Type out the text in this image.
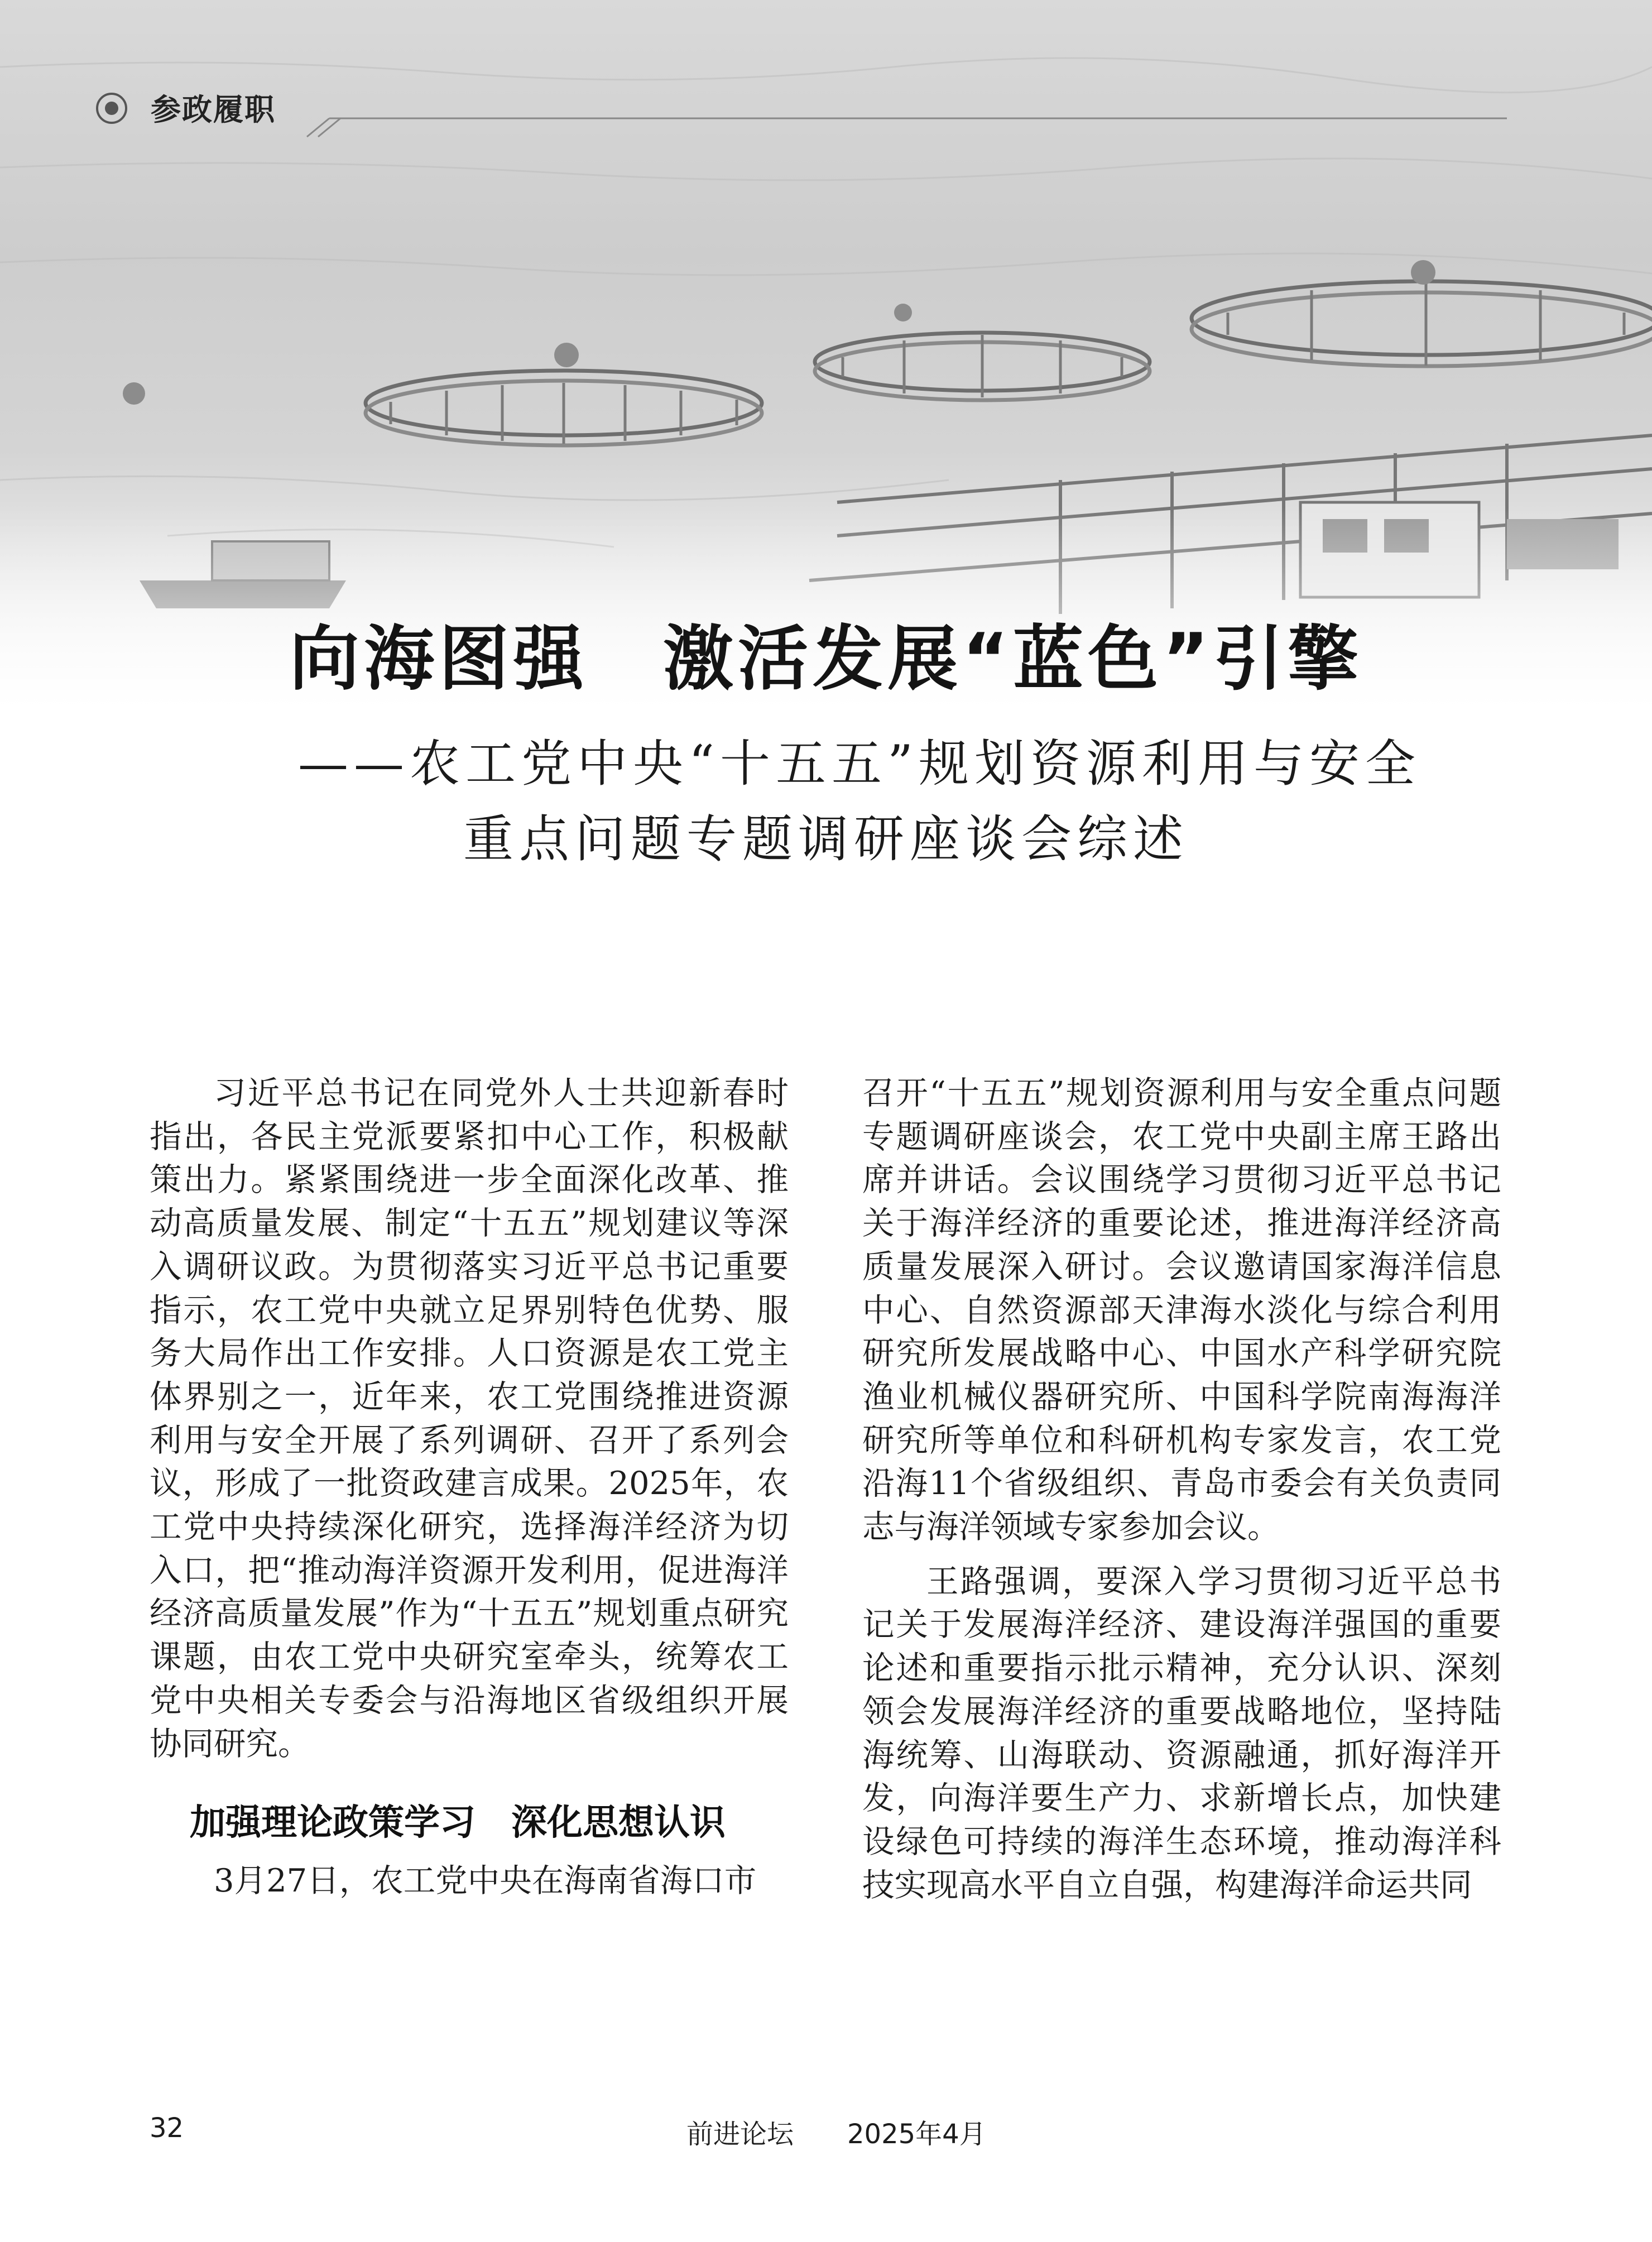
参政履职
向海图强　激活发展“蓝色”引擎
——农工党中央“十五五”规划资源利用与安全
重点问题专题调研座谈会综述

习近平总书记在同党外人士共迎新春时指出，各民主党派要紧扣中心工作，积极献策出力。紧紧围绕进一步全面深化改革、推动高质量发展、制定“十五五”规划建议等深入调研议政。为贯彻落实习近平总书记重要指示，农工党中央就立足界别特色优势、服务大局作出工作安排。人口资源是农工党主体界别之一，近年来，农工党围绕推进资源利用与安全开展了系列调研、召开了系列会议，形成了一批资政建言成果。2025年，农工党中央持续深化研究，选择海洋经济为切入口，把“推动海洋资源开发利用，促进海洋经济高质量发展”作为“十五五”规划重点研究课题，由农工党中央研究室牵头，统筹农工党中央相关专委会与沿海地区省级组织开展协同研究。

加强理论政策学习　深化思想认识

3月27日，农工党中央在海南省海口市

召开“十五五”规划资源利用与安全重点问题专题调研座谈会，农工党中央副主席王路出席并讲话。会议围绕学习贯彻习近平总书记关于海洋经济的重要论述，推进海洋经济高质量发展深入研讨。会议邀请国家海洋信息中心、自然资源部天津海水淡化与综合利用研究所发展战略中心、中国水产科学研究院渔业机械仪器研究所、中国科学院南海海洋研究所等单位和科研机构专家发言，农工党沿海11个省级组织、青岛市委会有关负责同志与海洋领域专家参加会议。

王路强调，要深入学习贯彻习近平总书记关于发展海洋经济、建设海洋强国的重要论述和重要指示批示精神，充分认识、深刻领会发展海洋经济的重要战略地位，坚持陆海统筹、山海联动、资源融通，抓好海洋开发，向海洋要生产力、求新增长点，加快建设绿色可持续的海洋生态环境，推动海洋科技实现高水平自立自强，构建海洋命运共同

32	前进论坛　　2025年4月
